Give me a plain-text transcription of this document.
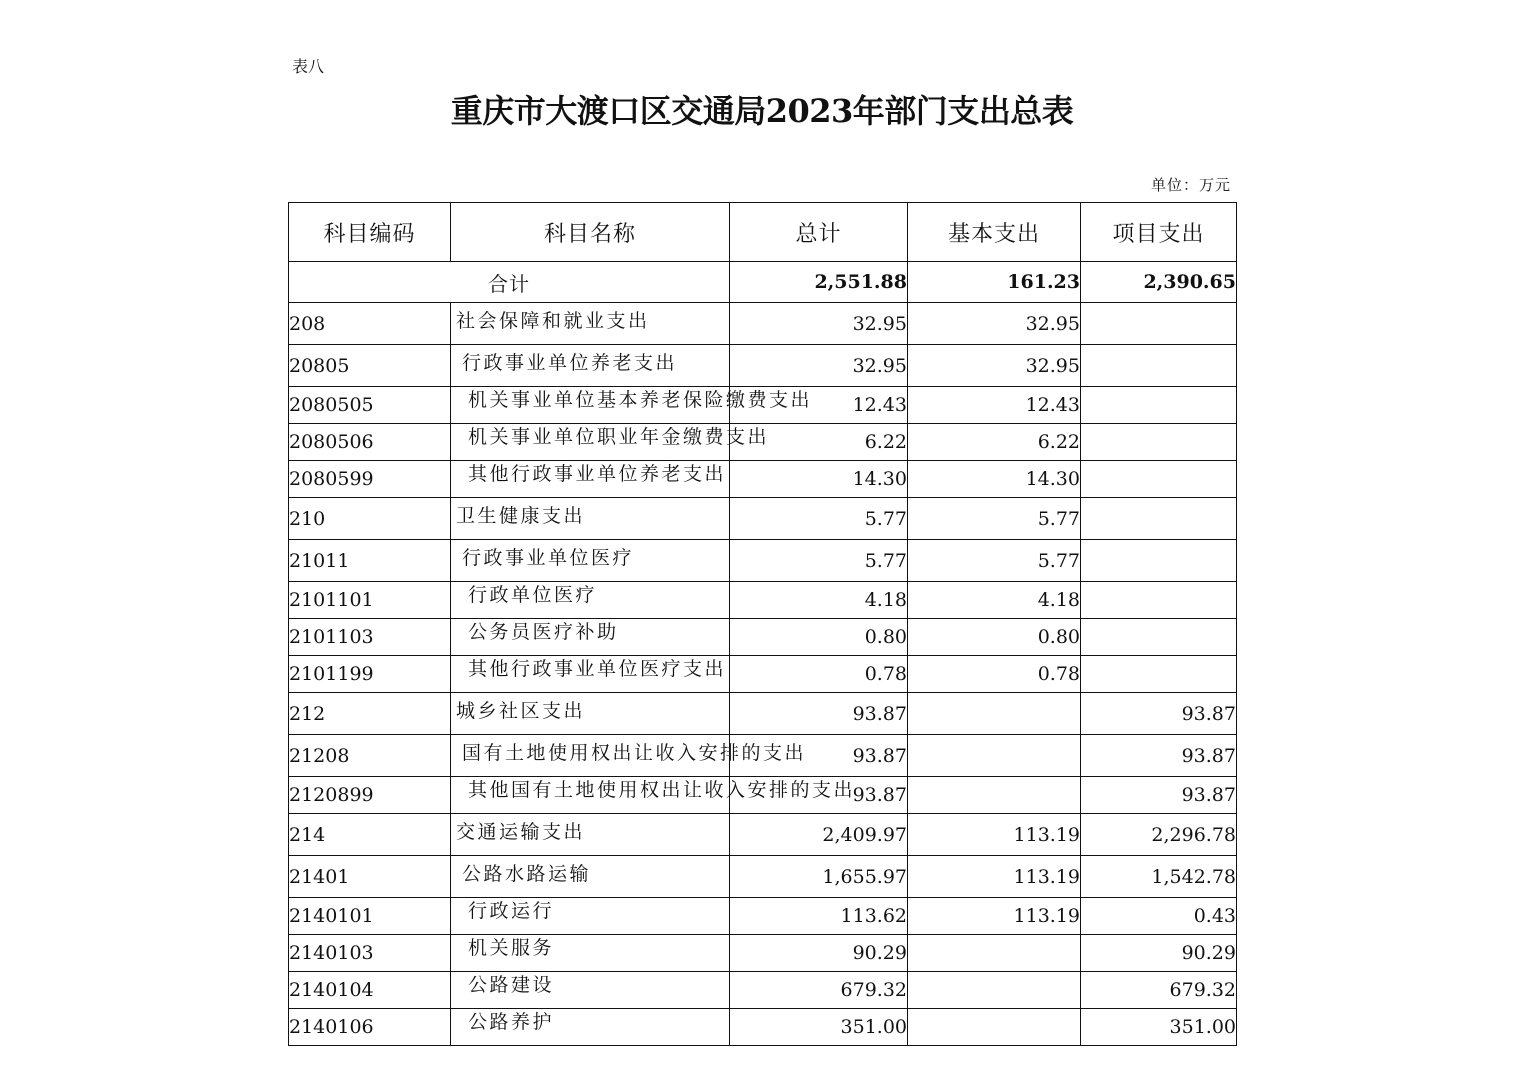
表八
重庆市大渡口区交通局2023年部门支出总表
单位：万元
科目编码	科目名称	总计	基本支出	项目支出
合计		2,551.88	161.23	2,390.65
208	社会保障和就业支出	32.95	32.95	
20805	行政事业单位养老支出	32.95	32.95	
2080505	机关事业单位基本养老保险缴费支出	12.43	12.43	
2080506	机关事业单位职业年金缴费支出	6.22	6.22	
2080599	其他行政事业单位养老支出	14.30	14.30	
210	卫生健康支出	5.77	5.77	
21011	行政事业单位医疗	5.77	5.77	
2101101	行政单位医疗	4.18	4.18	
2101103	公务员医疗补助	0.80	0.80	
2101199	其他行政事业单位医疗支出	0.78	0.78	
212	城乡社区支出	93.87		93.87
21208	国有土地使用权出让收入安排的支出	93.87		93.87
2120899	其他国有土地使用权出让收入安排的支出	93.87		93.87
214	交通运输支出	2,409.97	113.19	2,296.78
21401	公路水路运输	1,655.97	113.19	1,542.78
2140101	行政运行	113.62	113.19	0.43
2140103	机关服务	90.29		90.29
2140104	公路建设	679.32		679.32
2140106	公路养护	351.00		351.00
